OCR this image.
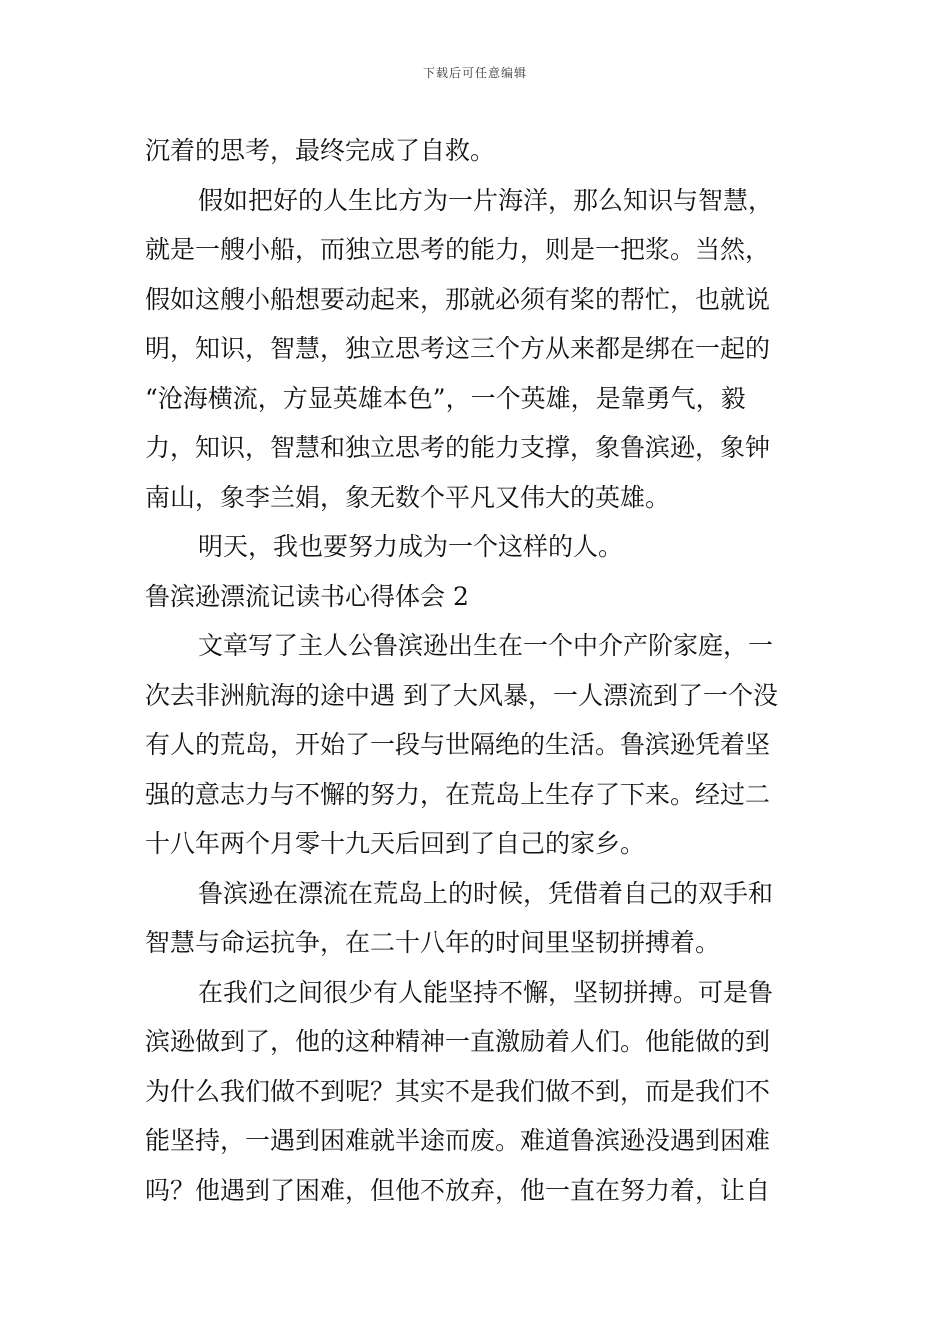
下载后可任意编辑
沉着的思考，最终完成了自救。
假如把好的人生比方为一片海洋，那么知识与智慧，
就是一艘小船，而独立思考的能力，则是一把浆。当然，
假如这艘小船想要动起来，那就必须有桨的帮忙，也就说
明，知识，智慧，独立思考这三个方从来都是绑在一起的
“沧海横流，方显英雄本色”，一个英雄，是靠勇气，毅
力，知识，智慧和独立思考的能力支撑，象鲁滨逊，象钟
南山，象李兰娟，象无数个平凡又伟大的英雄。
明天，我也要努力成为一个这样的人。
鲁滨逊漂流记读书心得体会 2
文章写了主人公鲁滨逊出生在一个中介产阶家庭，一
次去非洲航海的途中遇 到了大风暴，一人漂流到了一个没
有人的荒岛，开始了一段与世隔绝的生活。鲁滨逊凭着坚
强的意志力与不懈的努力，在荒岛上生存了下来。经过二
十八年两个月零十九天后回到了自己的家乡。
鲁滨逊在漂流在荒岛上的时候，凭借着自己的双手和
智慧与命运抗争，在二十八年的时间里坚韧拼搏着。
在我们之间很少有人能坚持不懈，坚韧拼搏。可是鲁
滨逊做到了，他的这种精神一直激励着人们。他能做的到
为什么我们做不到呢？其实不是我们做不到，而是我们不
能坚持，一遇到困难就半途而废。难道鲁滨逊没遇到困难
吗？他遇到了困难，但他不放弃，他一直在努力着，让自
